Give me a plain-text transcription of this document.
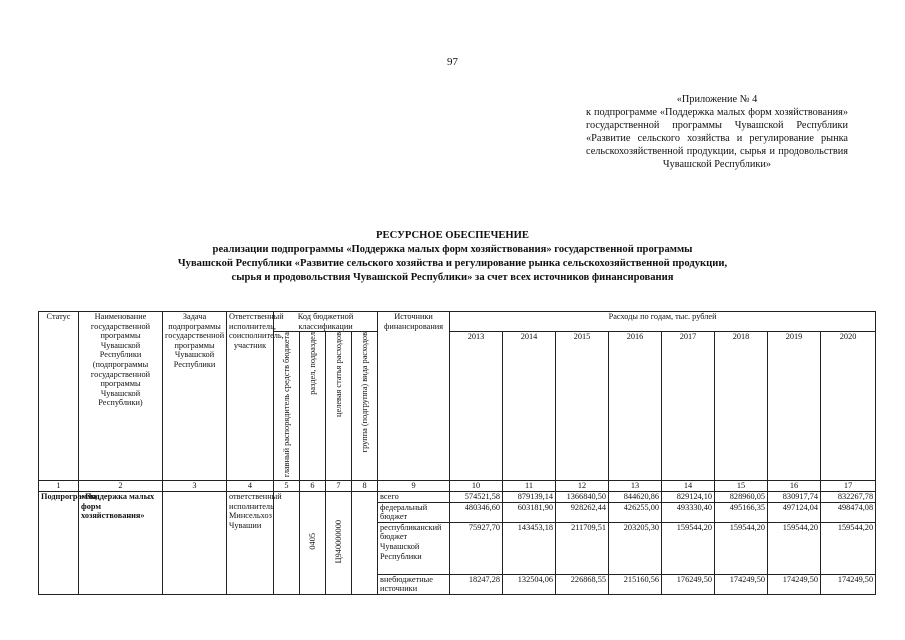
97
«Приложение № 4
к подпрограмме «Поддержка малых форм хозяйствования» государственной программы Чувашской Республики «Развитие сельского хозяйства и регулирование рынка сельскохозяйственной продукции, сырья и продовольствия Чувашской Республики»
РЕСУРСНОЕ ОБЕСПЕЧЕНИЕ
реализации подпрограммы «Поддержка малых форм хозяйствования» государственной программы
Чувашской Республики «Развитие сельского хозяйства и регулирование рынка сельскохозяйственной продукции,
сырья и продовольствия Чувашской Республики» за счет всех источников финансирования
Статус	Наименование государственной программы Чувашской Республики (подпрограммы государственной программы Чувашской Республики)	Задача подпрограммы государственной программы Чувашской Республики	Ответственный исполнитель, соисполнитель, участник	Код бюджетной классификации				Источники финансирования	Расходы по годам, тыс. рублей							
				главный распорядитель средств бюджета	раздел, подраздел	целевая статья расходов	группа (подгруппа) вида расходов		2013	2014	2015	2016	2017	2018	2019	2020

1	2	3	4	5	6	7	8	9	10	11	12	13	14	15	16	17
Подпрограмма	«Поддержка малых форм хозяйствования»		ответственный исполнитель Минсельхоз Чувашии		0405	Ц940000000		всего	574521,58	879139,14	1366840,50	844620,86	829124,10	828960,05	830917,74	832267,78
								федеральный бюджет	480346,60	603181,90	928262,44	426255,00	493330,40	495166,35	497124,04	498474,08
								республиканский бюджет Чувашской Республики	75927,70	143453,18	211709,51	203205,30	159544,20	159544,20	159544,20	159544,20
								внебюджетные источники	18247,28	132504,06	226868,55	215160,56	176249,50	174249,50	174249,50	174249,50
